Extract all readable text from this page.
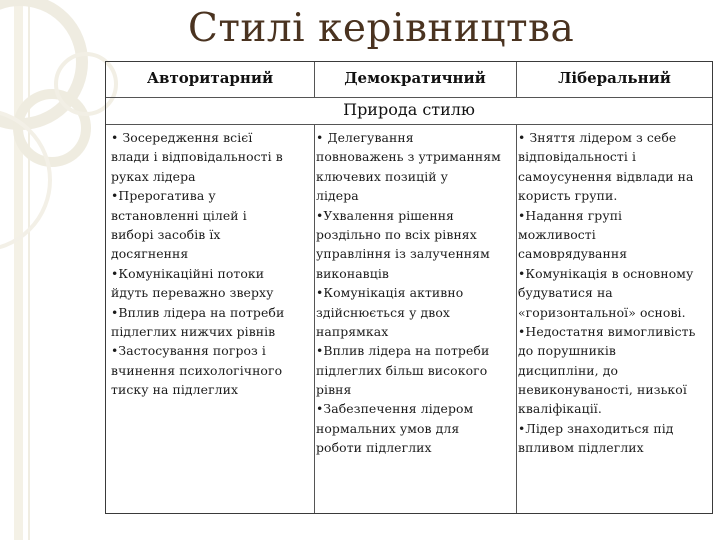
Стилі керівництва
Авторитарний	Демократичний	Ліберальний
Природа стилю
• Зосередження всієї
влади і відповідальності в
руках лідера
•Прерогатива у
встановленні цілей і
виборі засобів їх
досягнення
•Комунікаційні потоки
йдуть переважно зверху
•Вплив лідера на потреби
підлеглих нижчих рівнів
•Застосування погроз і
вчинення психологічного
тиску на підлеглих
• Делегування
повноважень з утриманням
ключевих позицій у
лідера
•Ухвалення рішення
роздільно по всіх рівнях
управління із залученням
виконавців
•Комунікація активно
здійснюється у двох
напрямках
•Вплив лідера на потреби
підлеглих більш високого
рівня
•Забезпечення лідером
нормальних умов для
роботи підлеглих
• Зняття лідером з себе
відповідальності і
самоусунення відвлади на
користь групи.
•Надання групі
можливості
самоврядування
•Комунікація в основному
будуватися на
«горизонтальної» основі.
•Недостатня вимогливість
до порушників
дисципліни, до
невиконуваності, низької
кваліфікації.
•Лідер знаходиться під
впливом підлеглих
